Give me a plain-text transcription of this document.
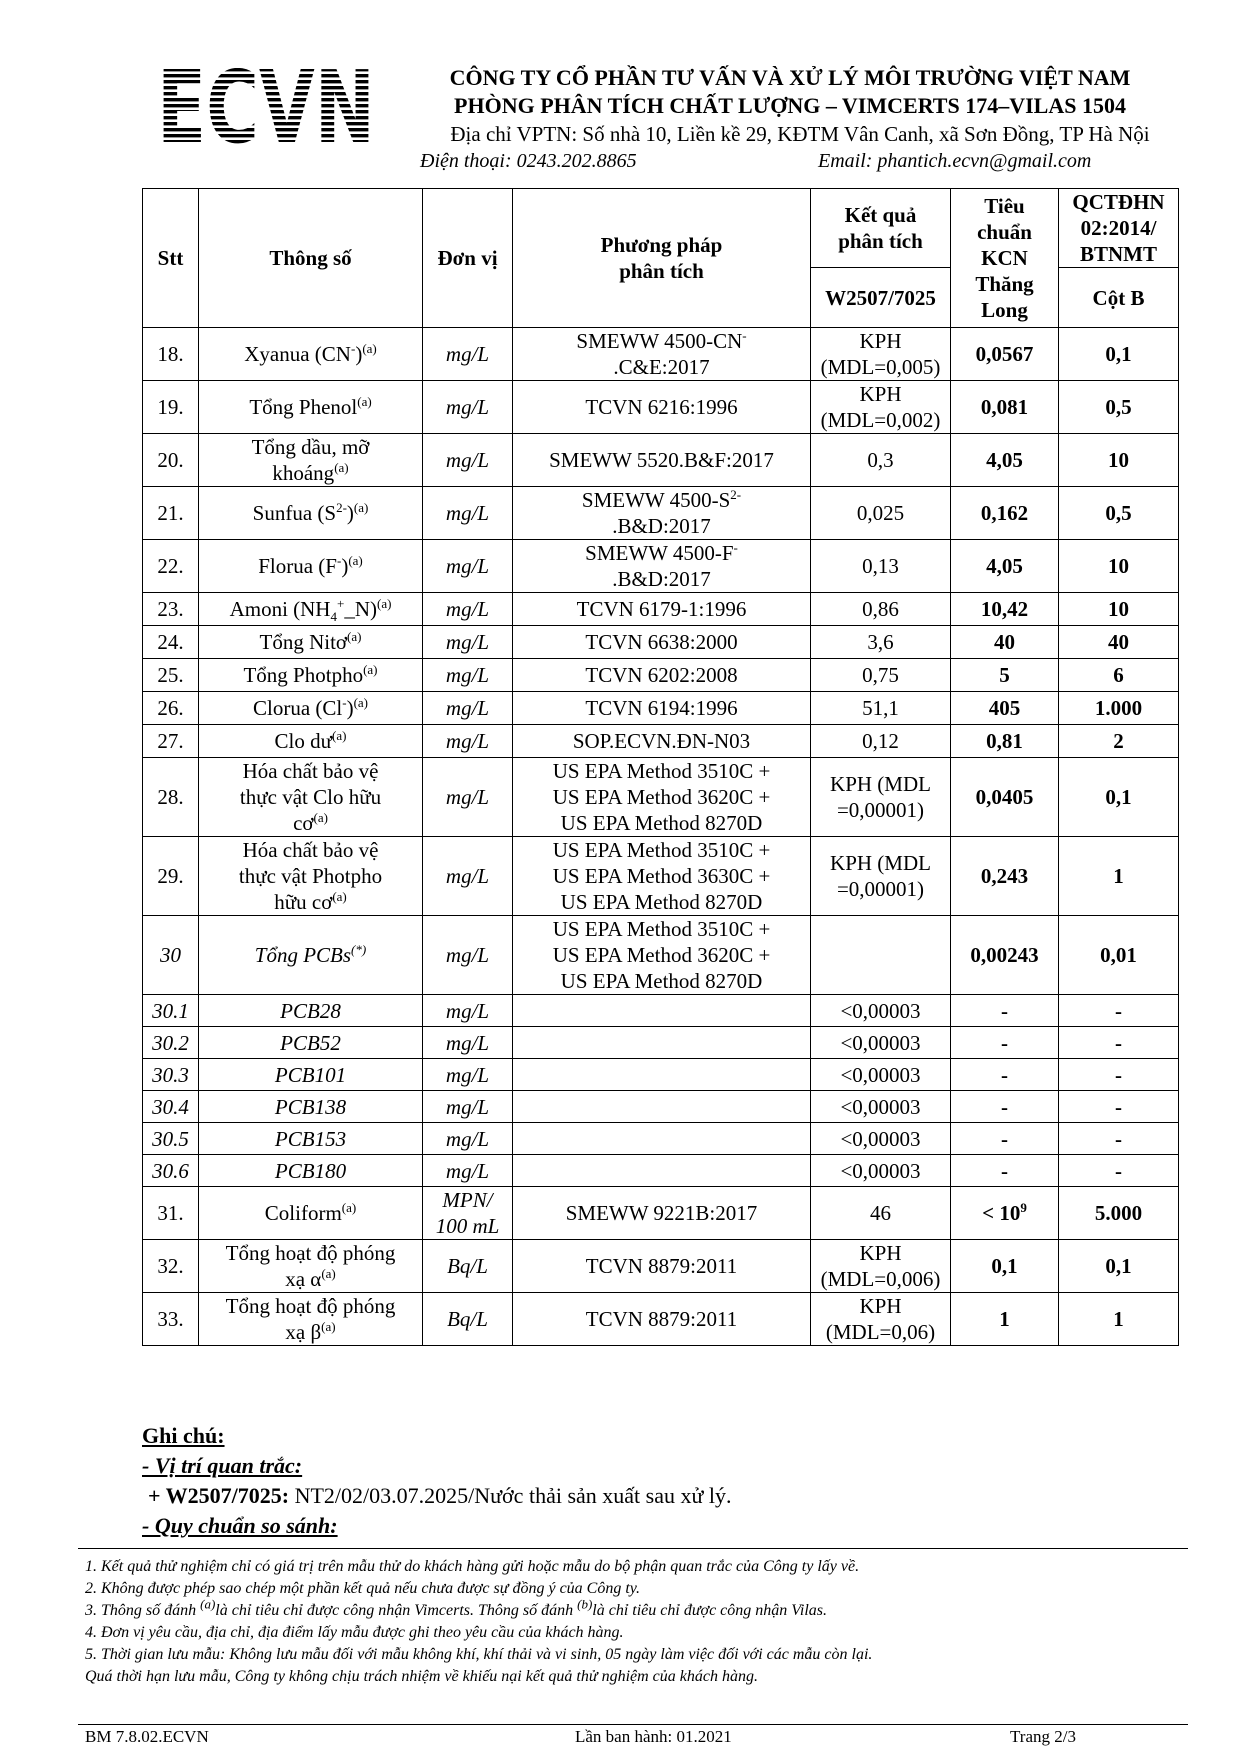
ECVN	CÔNG TY CỔ PHẦN TƯ VẤN VÀ XỬ LÝ MÔI TRƯỜNG VIỆT NAM
PHÒNG PHÂN TÍCH CHẤT LƯỢNG – VIMCERTS 174–VILAS 1504
Địa chỉ VPTN: Số nhà 10, Liền kề 29, KĐTM Vân Canh, xã Sơn Đồng, TP Hà Nội
Điện thoại: 0243.202.8865	Email: phantich.ecvn@gmail.com
Stt	Thông số	Đơn vị	Phương pháp phân tích	Kết quả phân tích	Tiêu chuẩn KCN Thăng Long	QCTĐHN 02:2014/ BTNMT
				W2507/7025		Cột B
18.	Xyanua $(CN^-)^{(a)}$	mg/L	SMEWW 4500-CN-
.C&E:2017	KPH
(MDL=0,005)	0,0567	0,1
19.	Tổng Phenol$^{(a)}$	mg/L	TCVN 6216:1996	KPH
(MDL=0,002)	0,081	0,5
20.	Tổng dầu, mỡ
khoáng$^{(a)}$	mg/L	SMEWW 5520.B&F:2017	0,3	4,05	10
21.	Sunfua $(S^{2-})^{(a)}$	mg/L	SMEWW $4500-S^{2-}$
.B&D:2017	0,025	0,162	0,5
22.	Florua $(F^-)^{(a)}$	mg/L	SMEWW 4500-F-
.B&D:2017	0,13	4,05	10
23.	Amoni $(NH_4^+\_N)^{(a)}$	mg/L	TCVN 6179-1:1996	0,86	10,42	10
24.	Tổng Nitơ$^{(a)}$	mg/L	TCVN 6638:2000	3,6	40	40
25.	Tổng Photpho$^{(a)}$	mg/L	TCVN 6202:2008	0,75	5	6
26.	Clorua $(Cl^-)^{(a)}$	mg/L	TCVN 6194:1996	51,1	405	1.000
27.	Clo $dư^{(a)}$	mg/L	SOP.ECVN.ĐN-N03	0,12	0,81	2
28.	Hóa chất bảo vệ
thực vật Clo hữu
$cơ^{(a)}$	mg/L	US EPA Method 3510C +
US EPA Method 3620C +
US EPA Method 8270D	KPH (MDL
=0,00001)	0,0405	0,1
29.	Hóa chất bảo vệ
thực vật Photpho
hữu $cơ^{(a)}$	mg/L	US EPA Method 3510C +
US EPA Method 3630C +
US EPA Method 8270D	KPH (MDL
=0,00001)	0,243	1
30	Tổng PCBs(*)	mg/L	US EPA Method 3510C +
US EPA Method 3620C +
US EPA Method 8270D		0,00243	0,01
30.1	PCB28	mg/L		<0,00003	-	-
30.2	PCB52	mg/L		<0,00003	-	-
30.3	PCB101	mg/L		<0,00003	-	-
30.4	PCB138	mg/L		<0,00003	-	-
30.5	PCB153	mg/L		<0,00003	-	-
30.6	PCB180	mg/L		<0,00003	-	-
31.	Coliform$^{(a)}$	MPN/
100 mL	SMEWW 9221B:2017	46	< $10^9$	5.000
32.	Tổng hoạt độ phóng
xạ $\alpha^{(a)}$	Bq/L	TCVN 8879:2011	KPH
(MDL=0,006)	0,1	0,1
33.	Tổng hoạt độ phóng
xạ $\beta^{(a)}$	Bq/L	TCVN 8879:2011	KPH
(MDL=0,06)	1	1
Ghi chú:
- Vị trí quan trắc:
+ W2507/7025: NT2/02/03.07.2025/Nước thải sản xuất sau xử lý.
- Quy chuẩn so sánh:
1. Kết quả thử nghiệm chỉ có giá trị trên mẫu thử do khách hàng gửi hoặc mẫu do bộ phận quan trắc của Công ty lấy về.
2. Không được phép sao chép một phần kết quả nếu chưa được sự đồng ý của Công ty.
3. Thông số đánh $^{(a)}$là chỉ tiêu chỉ được công nhận Vimcerts. Thông số đánh $^{(b)}$là chỉ tiêu chỉ được công nhận Vilas.
4. Đơn vị yêu cầu, địa chỉ, địa điểm lấy mẫu được ghi theo yêu cầu của khách hàng.
5. Thời gian lưu mẫu: Không lưu mẫu đối với mẫu không khí, khí thải và vi sinh, 05 ngày làm việc đối với các mẫu còn lại.
Quá thời hạn lưu mẫu, Công ty không chịu trách nhiệm về khiếu nại kết quả thử nghiệm của khách hàng.
BM 7.8.02.ECVN	Lần ban hành: 01.2021	Trang 2/3
